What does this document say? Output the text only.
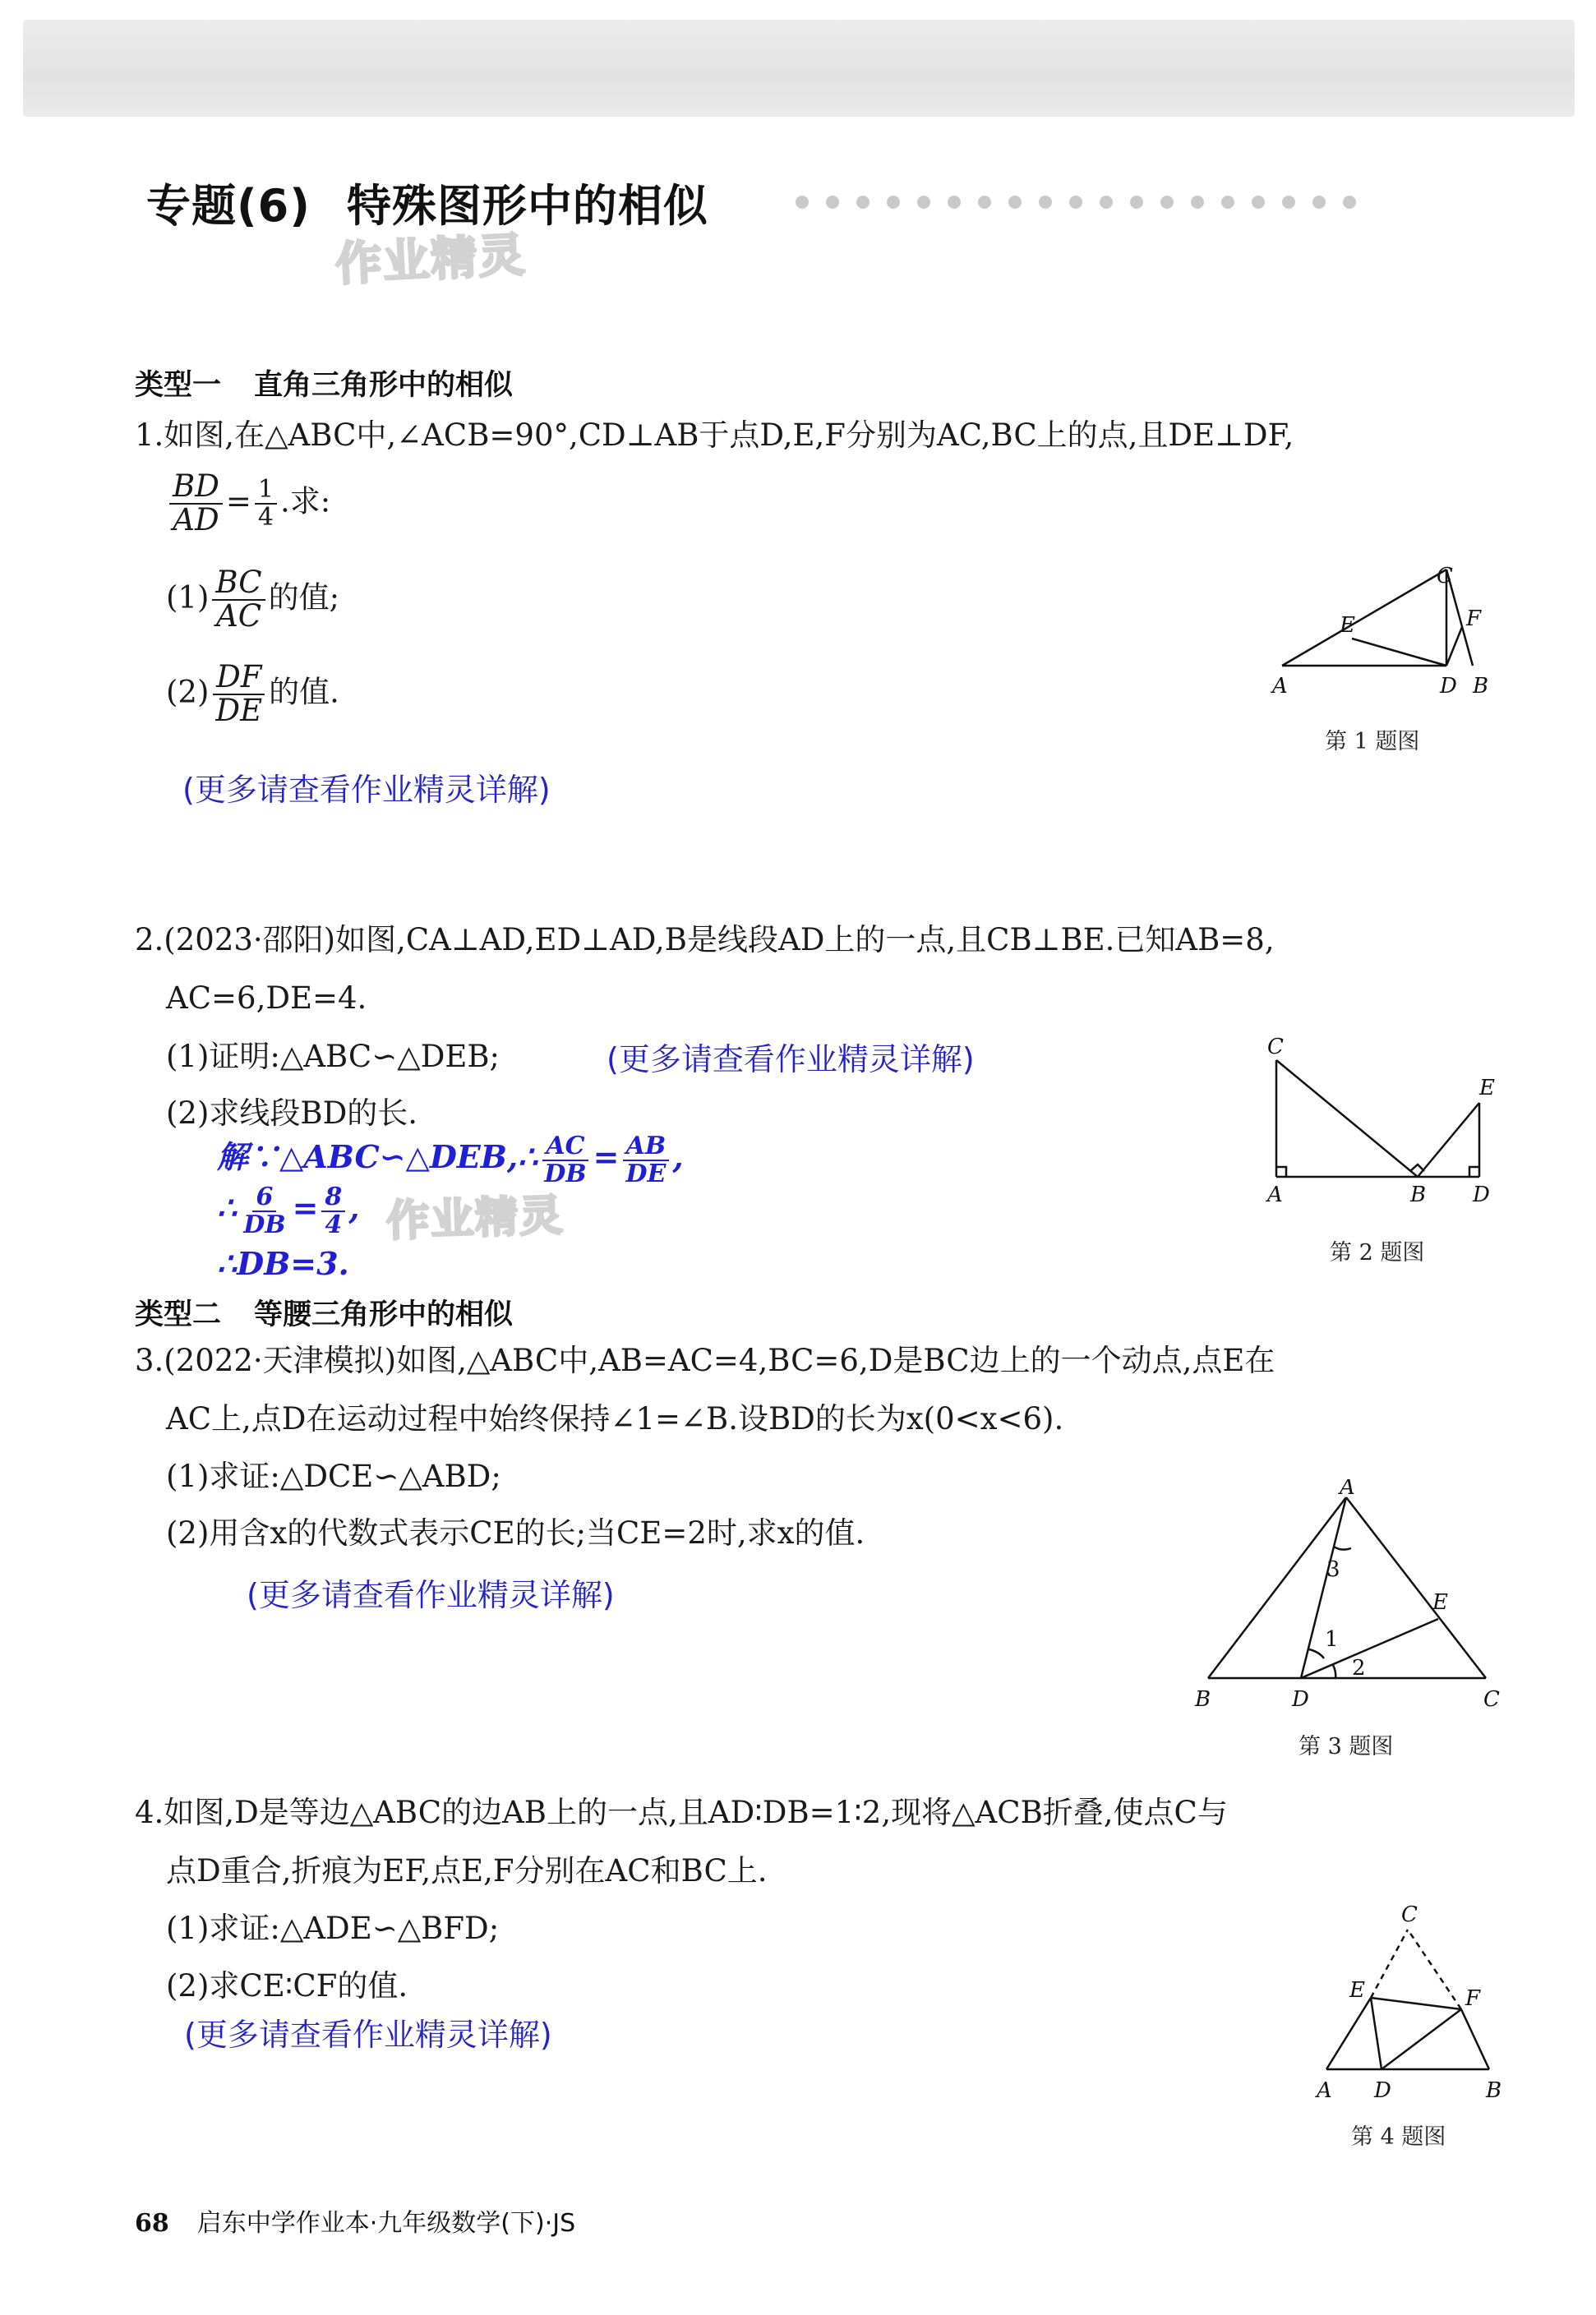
专题(6) 特殊图形中的相似
作业精灵
类型一 直角三角形中的相似
1.如图,在△ABC中,∠ACB=90°,CD⊥AB于点D,E,F分别为AC,BC上的点,且DE⊥DF,
$\frac{BD}{AD} = \frac{1}{4}$ .求:
$(1) \frac{BC}{AC}$ 的值;
$(2) \frac{DF}{DE}$ 的值.
(更多请查看作业精灵详解)
A	D B
C
E	F
第 1 题图
2.(2023·邵阳)如图,CA⊥AD,ED⊥AD,B是线段AD上的一点,且CB⊥BE.已知AB=8,
AC=6,DE=4.
(1)证明:△ABC∽△DEB;	(更多请查看作业精灵详解)
(2)求线段BD的长.
解∵△ABC∽△DEB,∴ $\frac{AC}{DB} = \frac{AB}{DE}$ ,
∴ $\frac{6}{DB} = \frac{8}{4}$ , 作业精灵
∴DB=3.
C
E
A	B D
第 2 题图
类型二 等腰三角形中的相似
3.(2022·天津模拟)如图,△ABC中,AB=AC=4,BC=6,D是BC边上的一个动点,点E在
AC上,点D在运动过程中始终保持∠1=∠B.设BD的长为x(0<x<6).
(1)求证:△DCE∽△ABD;
(2)用含x的代数式表示CE的长;当CE=2时,求x的值.
(更多请查看作业精灵详解)
A
B	D	C
E
3
1
2
第 3 题图
4.如图,D是等边△ABC的边AB上的一点,且AD∶DB=1∶2,现将△ACB折叠,使点C与
点D重合,折痕为EF,点E,F分别在AC和BC上.
(1)求证:△ADE∽△BFD;
(2)求CE∶CF的值.
(更多请查看作业精灵详解)
C
E	F
A D	B
第 4 题图
68 启东中学作业本·九年级数学(下)·JS
